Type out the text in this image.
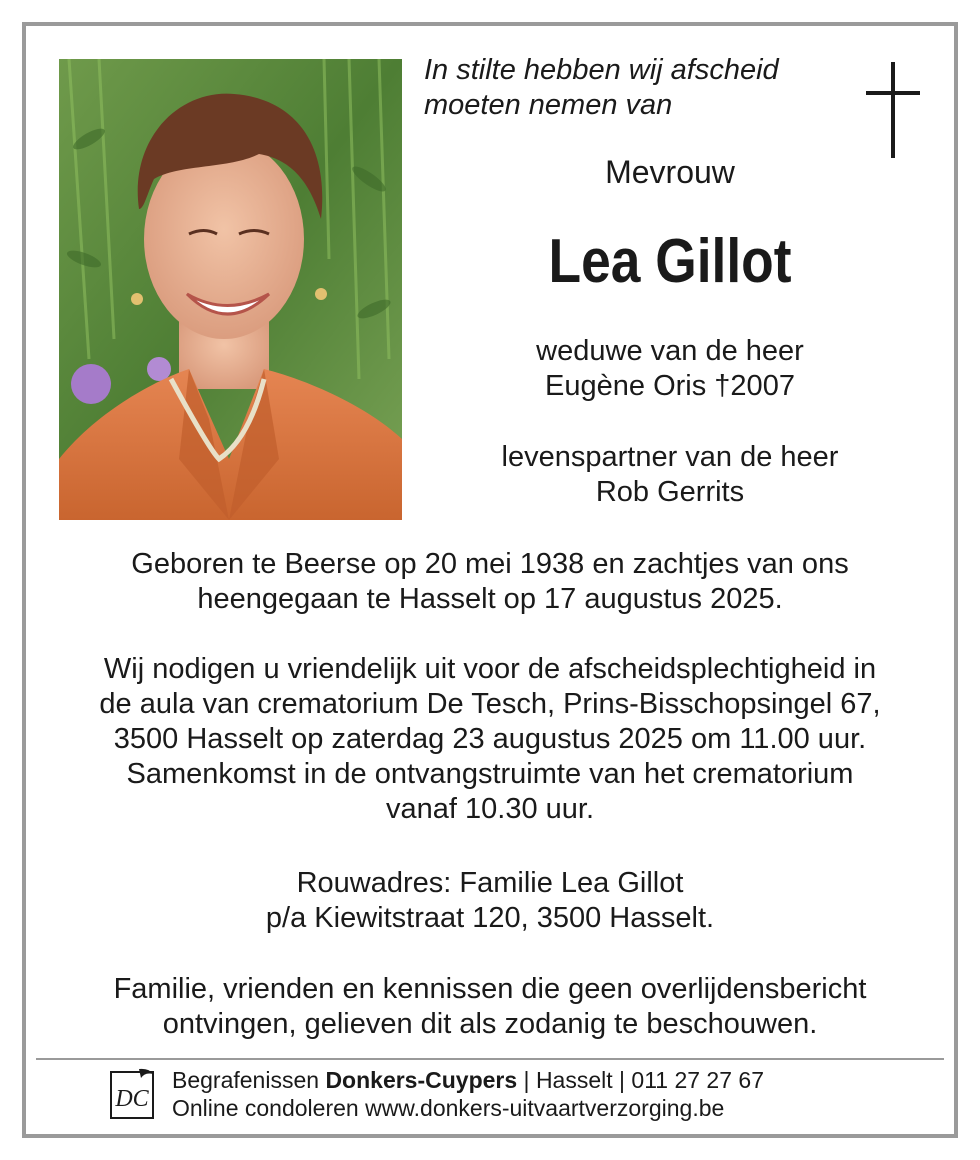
In stilte hebben wij afscheid
moeten nemen van
Mevrouw
Lea Gillot
weduwe van de heer
Eugène Oris †2007
levenspartner van de heer
Rob Gerrits
Geboren te Beerse op 20 mei 1938 en zachtjes van ons
heengegaan te Hasselt op 17 augustus 2025.
Wij nodigen u vriendelijk uit voor de afscheidsplechtigheid in
de aula van crematorium De Tesch, Prins-Bisschopsingel 67,
3500 Hasselt op zaterdag 23 augustus 2025 om 11.00 uur.
Samenkomst in de ontvangstruimte van het crematorium
vanaf 10.30 uur.
Rouwadres: Familie Lea Gillot
p/a Kiewitstraat 120, 3500 Hasselt.
Familie, vrienden en kennissen die geen overlijdensbericht
ontvingen, gelieven dit als zodanig te beschouwen.
DC
Begrafenissen Donkers-Cuypers | Hasselt | 011 27 27 67
Online condoleren www.donkers-uitvaartverzorging.be
